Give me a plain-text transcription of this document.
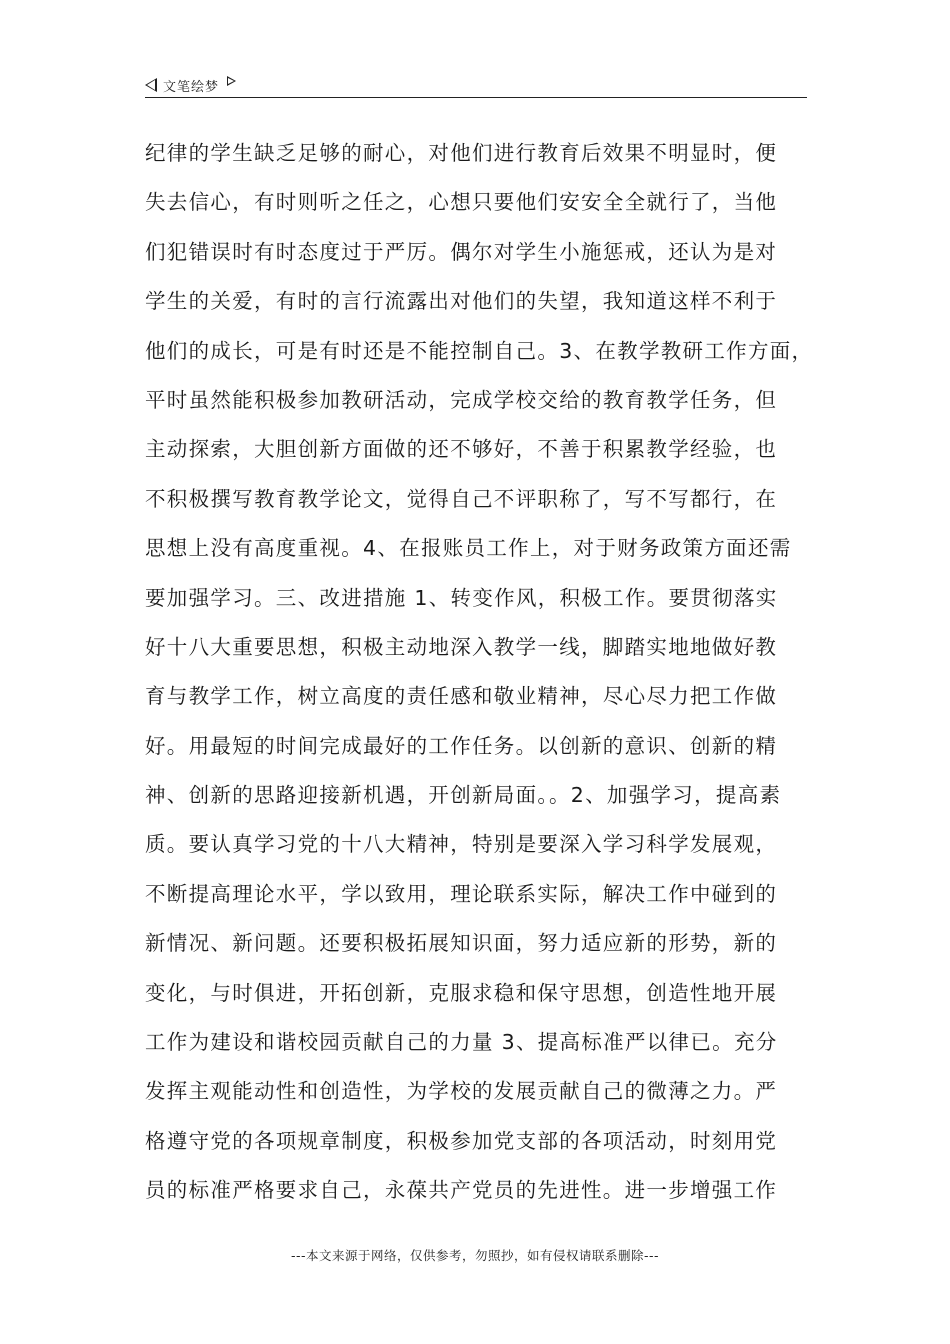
文笔绘梦
纪律的学生缺乏足够的耐心，对他们进行教育后效果不明显时，便
失去信心，有时则听之任之，心想只要他们安安全全就行了，当他
们犯错误时有时态度过于严厉。偶尔对学生小施惩戒，还认为是对
学生的关爱，有时的言行流露出对他们的失望，我知道这样不利于
他们的成长，可是有时还是不能控制自己。3、在教学教研工作方面，
平时虽然能积极参加教研活动，完成学校交给的教育教学任务，但
主动探索，大胆创新方面做的还不够好，不善于积累教学经验，也
不积极撰写教育教学论文，觉得自己不评职称了，写不写都行，在
思想上没有高度重视。4、在报账员工作上，对于财务政策方面还需
要加强学习。三、改进措施 1、转变作风，积极工作。要贯彻落实
好十八大重要思想，积极主动地深入教学一线，脚踏实地地做好教
育与教学工作，树立高度的责任感和敬业精神，尽心尽力把工作做
好。用最短的时间完成最好的工作任务。以创新的意识、创新的精
神、创新的思路迎接新机遇，开创新局面。。2、加强学习，提高素
质。要认真学习党的十八大精神，特别是要深入学习科学发展观，
不断提高理论水平，学以致用，理论联系实际，解决工作中碰到的
新情况、新问题。还要积极拓展知识面，努力适应新的形势，新的
变化，与时俱进，开拓创新，克服求稳和保守思想，创造性地开展
工作为建设和谐校园贡献自己的力量 3、提高标准严以律已。充分
发挥主观能动性和创造性，为学校的发展贡献自己的微薄之力。严
格遵守党的各项规章制度，积极参加党支部的各项活动，时刻用党
员的标准严格要求自己，永葆共产党员的先进性。进一步增强工作
---本文来源于网络，仅供参考，勿照抄，如有侵权请联系删除---
